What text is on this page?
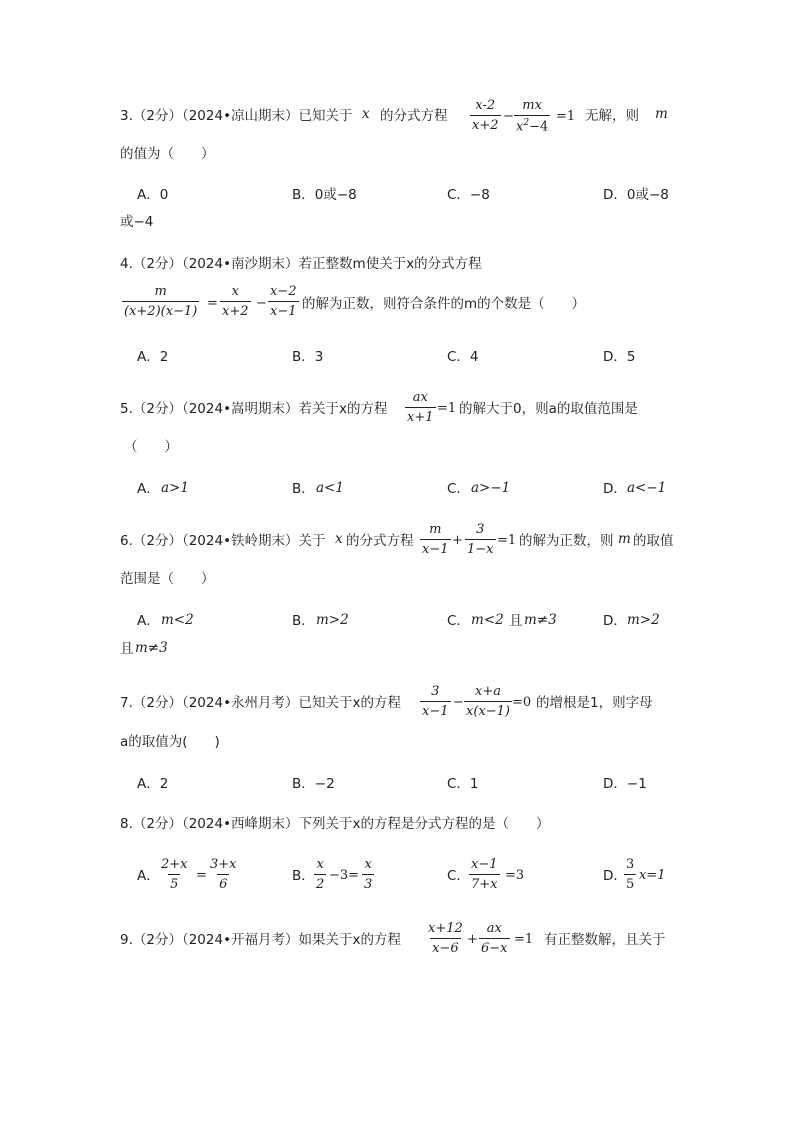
3.（2分）（2024•凉山期末）已知关于 x 的分式方程 $\frac{x-2}{x+2} - \frac{mx}{x^2-4} =1$ 无解，则 m
的值为（　　）
A．0	B．0或−8	C．−8	D．0或−8
或−4
4.（2分）（2024•南沙期末）若正整数m使关于x的分式方程
$\frac{m}{(x+2)(x-1)} = \frac{x}{x+2} - \frac{x-2}{x-1}$ 的解为正数，则符合条件的m的个数是（　　）
A．2	B．3	C．4	D．5
5.（2分）（2024•嵩明期末）若关于x的方程 $\frac{ax}{x+1} =1$ 的解大于0，则a的取值范围是
（　　）
A． a>1	B． a<1	C． a>−1	D． a<−1
6.（2分）（2024•铁岭期末）关于 x 的分式方程 $\frac{m}{x-1} + \frac{3}{1-x} =1$ 的解为正数，则 m 的取值
范围是（　　）
A． m<2	B． m>2	C． m<2 且 m≠3	D． m>2
且 m≠3
7.（2分）（2024•永州月考）已知关于x的方程 $\frac{3}{x-1} - \frac{x+a}{x(x-1)} =0$ 的增根是1，则字母
a的取值为(　　)
A．2	B．−2	C．1	D．−1
8.（2分）（2024•西峰期末）下列关于x的方程是分式方程的是（　　）
A． $\frac{2+x}{5} = \frac{3+x}{6}$	B． $\frac{x}{2} -3= \frac{x}{3}$	C． $\frac{x-1}{7+x} =3$	D．
$\frac{3}{5} x=1$
9.（2分）（2024•开福月考）如果关于x的方程 $\frac{x+12}{x-6} + \frac{ax}{6-x} =1$ 有正整数解，且关于
